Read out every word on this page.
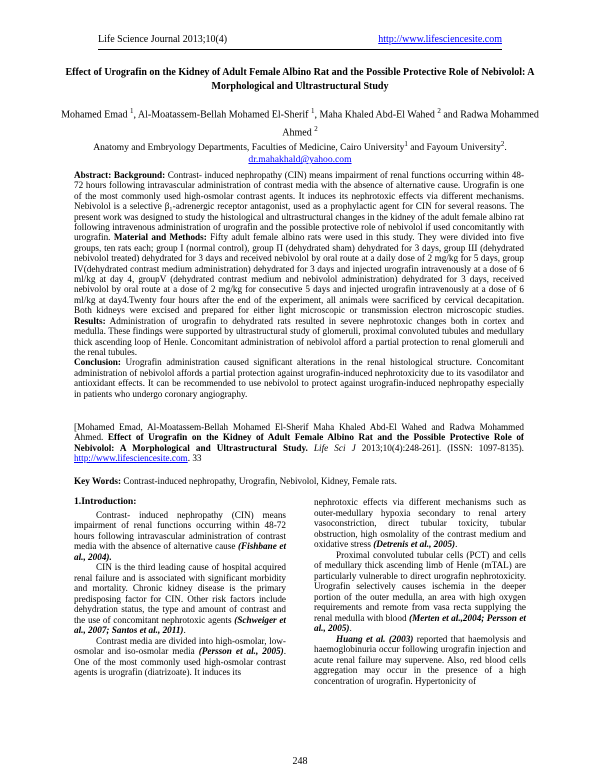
Life Science Journal 2013;10(4)	http://www.lifesciencesite.com
Effect of Urografin on the Kidney of Adult Female Albino Rat and the Possible Protective Role of Nebivolol: A Morphological and Ultrastructural Study
Mohamed Emad $^1$, Al-Moatassem-Bellah Mohamed El-Sherif $^1$, Maha Khaled Abd-El Wahed $^2$ and Radwa Mohammed Ahmed $^2$
Anatomy and Embryology Departments, Faculties of Medicine, Cairo University$^1$ and Fayoum University$^2$.
dr.mahakhald@yahoo.com
Abstract: Background: Contrast- induced nephropathy (CIN) means impairment of renal functions occurring within 48-72 hours following intravascular administration of contrast media with the absence of alternative cause. Urografin is one of the most commonly used high-osmolar contrast agents. It induces its nephrotoxic effects via different mechanisms. Nebivolol is a selective β₁-adrenergic receptor antagonist, used as a prophylactic agent for CIN for several reasons. The present work was designed to study the histological and ultrastructural changes in the kidney of the adult female albino rat following intravenous administration of urografin and the possible protective role of nebivolol if used concomitantly with urografin. Material and Methods: Fifty adult female albino rats were used in this study. They were divided into five groups, ten rats each; group I (normal control), group П (dehydrated sham) dehydrated for 3 days, group Ш (dehydrated nebivolol treated) dehydrated for 3 days and received nebivolol by oral route at a daily dose of 2 mg/kg for 5 days, group IV(dehydrated contrast medium administration) dehydrated for 3 days and injected urografin intravenously at a dose of 6 ml/kg at day 4, groupV (dehydrated contrast medium and nebivolol administration) dehydrated for 3 days, received nebivolol by oral route at a dose of 2 mg/kg for consecutive 5 days and injected urografin intravenously at a dose of 6 ml/kg at day4.Twenty four hours after the end of the experiment, all animals were sacrificed by cervical decapitation. Both kidneys were excised and prepared for either light microscopic or transmission electron microscopic studies. Results: Administration of urografin to dehydrated rats resulted in severe nephrotoxic changes both in cortex and medulla. These findings were supported by ultrastructural study of glomeruli, proximal convoluted tubules and medullary thick ascending loop of Henle. Concomitant administration of nebivolol afford a partial protection to renal glomeruli and the renal tubules.
Conclusion: Urografin administration caused significant alterations in the renal histological structure. Concomitant administration of nebivolol affords a partial protection against urografin-induced nephrotoxicity due to its vasodilator and antioxidant effects. It can be recommended to use nebivolol to protect against urografin-induced nephropathy especially in patients who undergo coronary angiography.
[Mohamed Emad, Al-Moatassem-Bellah Mohamed El-Sherif Maha Khaled Abd-El Wahed and Radwa Mohammed Ahmed. Effect of Urografin on the Kidney of Adult Female Albino Rat and the Possible Protective Role of Nebivolol: A Morphological and Ultrastructural Study. Life Sci J 2013;10(4):248-261]. (ISSN: 1097-8135). http://www.lifesciencesite.com. 33
Key Words: Contrast-induced nephropathy, Urografin, Nebivolol, Kidney, Female rats.
1.Introduction:

Contrast- induced nephropathy (CIN) means impairment of renal functions occurring within 48-72 hours following intravascular administration of contrast media with the absence of alternative cause (Fishbane et al., 2004).

CIN is the third leading cause of hospital acquired renal failure and is associated with significant morbidity and mortality. Chronic kidney disease is the primary predisposing factor for CIN. Other risk factors include dehydration status, the type and amount of contrast and the use of concomitant nephrotoxic agents (Schweiger et al., 2007; Santos et al., 2011).

Contrast media are divided into high-osmolar, low-osmolar and iso-osmolar media (Persson et al., 2005). One of the most commonly used high-osmolar contrast agents is urografin (diatrizoate). It induces its

nephrotoxic effects via different mechanisms such as outer-medullary hypoxia secondary to renal artery vasoconstriction, direct tubular toxicity, tubular obstruction, high osmolality of the contrast medium and oxidative stress (Detrenis et al., 2005).

Proximal convoluted tubular cells (PCT) and cells of medullary thick ascending limb of Henle (mTAL) are particularly vulnerable to direct urografin nephrotoxicity. Urografin selectively causes ischemia in the deeper portion of the outer medulla, an area with high oxygen requirements and remote from vasa recta supplying the renal medulla with blood (Merten et al.,2004; Persson et al., 2005).

Huang et al. (2003) reported that haemolysis and haemoglobinuria occur following urografin injection and acute renal failure may supervene. Also, red blood cells aggregation may occur in the presence of a high concentration of urografin. Hypertonicity of

248
